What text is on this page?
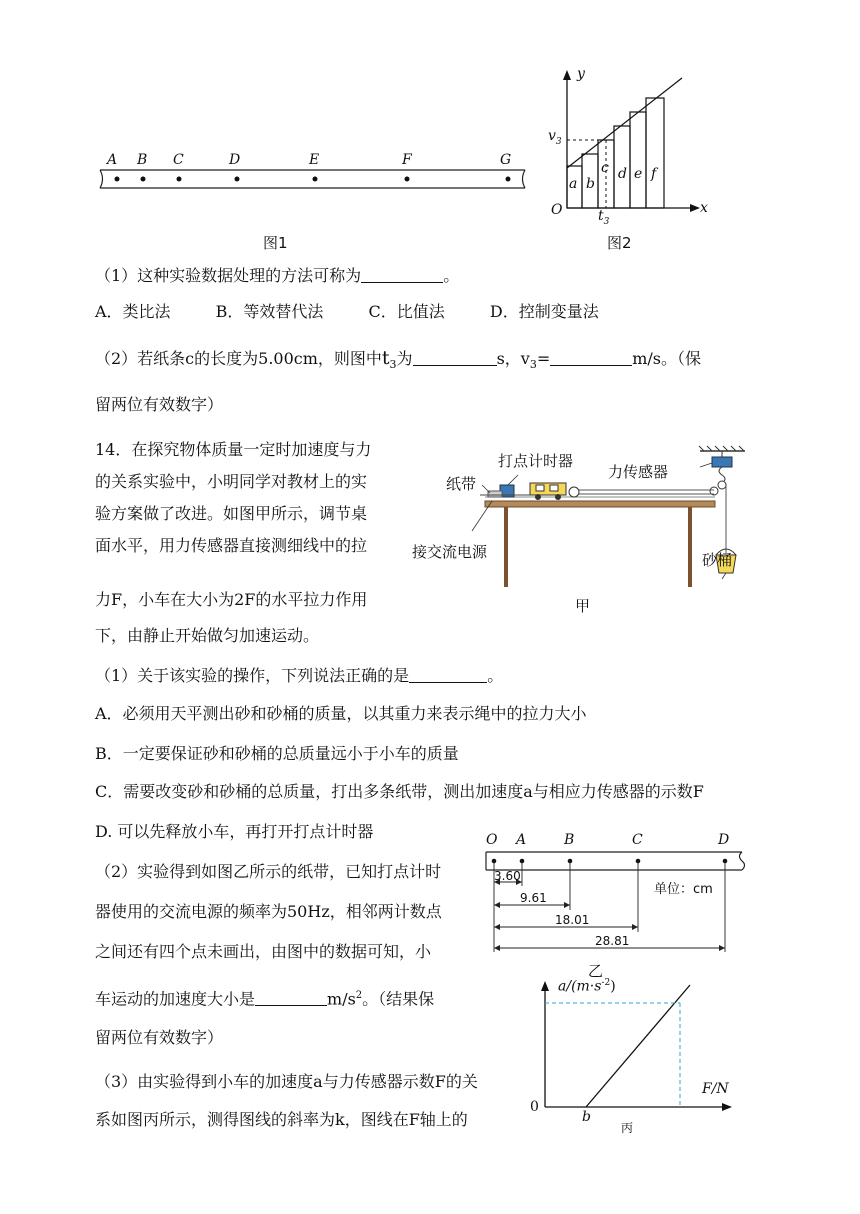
A B C	D	E	F	G
图1
y
x
O
$v_3$
$t_3$
a b
c d e f
图2
（1）这种实验数据处理的方法可称为	。
A．类比法	B．等效替代法	C．比值法	D．控制变量法
（2）若纸条c的长度为5.00cm，则图中$t_3$为	s，$v_3=$	m/s。（保
留两位有效数字）
14．在探究物体质量一定时加速度与力
的关系实验中，小明同学对教材上的实
验方案做了改进。如图甲所示，调节桌
面水平，用力传感器直接测细线中的拉
力F，小车在大小为2F的水平拉力作用
下，由静止开始做匀加速运动。
打点计时器
力传感器
纸带
接交流电源	砂桶
甲
（1）关于该实验的操作，下列说法正确的是	。
A．必须用天平测出砂和砂桶的质量，以其重力来表示绳中的拉力大小
B．一定要保证砂和砂桶的总质量远小于小车的质量
C．需要改变砂和砂桶的总质量，打出多条纸带，测出加速度a与相应力传感器的示数F
D. 可以先释放小车，再打开打点计时器
（2）实验得到如图乙所示的纸带，已知打点计时
器使用的交流电源的频率为50Hz，相邻两计数点
之间还有四个点未画出，由图中的数据可知，小
车运动的加速度大小是	$m/s^2$。（结果保
留两位有效数字）
O A	B	C	D
单位：cm
3.60
9.61
18.01
28.81
乙
$a/(m\cdot s^{-2})$
F/N
0
b
丙
（3）由实验得到小车的加速度a与力传感器示数F的关
系如图丙所示，测得图线的斜率为k，图线在F轴上的
